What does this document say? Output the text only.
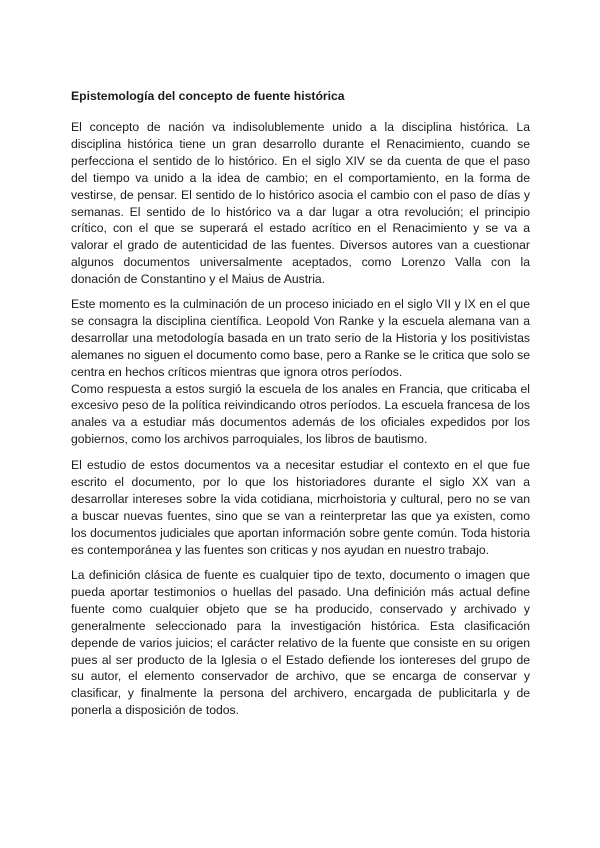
Epistemología del concepto de fuente histórica

El concepto de nación va indisolublemente unido a la disciplina histórica. La disciplina histórica tiene un gran desarrollo durante el Renacimiento, cuando se perfecciona el sentido de lo histórico. En el siglo XIV se da cuenta de que el paso del tiempo va unido a la idea de cambio; en el comportamiento, en la forma de vestirse, de pensar. El sentido de lo histórico asocia el cambio con el paso de días y semanas. El sentido de lo histórico va a dar lugar a otra revolución; el principio crítico, con el que se superará el estado acrítico en el Renacimiento y se va a valorar el grado de autenticidad de las fuentes. Diversos autores van a cuestionar algunos documentos universalmente aceptados, como Lorenzo Valla con la donación de Constantino y el Maius de Austria.

Este momento es la culminación de un proceso iniciado en el siglo VII y IX en el que se consagra la disciplina científica. Leopold Von Ranke y la escuela alemana van a desarrollar una metodología basada en un trato serio de la Historia y los positivistas alemanes no siguen el documento como base, pero a Ranke se le critica que solo se centra en hechos críticos mientras que ignora otros períodos.
Como respuesta a estos surgió la escuela de los anales en Francia, que criticaba el excesivo peso de la política reivindicando otros períodos. La escuela francesa de los anales va a estudiar más documentos además de los oficiales expedidos por los gobiernos, como los archivos parroquiales, los libros de bautismo.

El estudio de estos documentos va a necesitar estudiar el contexto en el que fue escrito el documento, por lo que los historiadores durante el siglo XX van a desarrollar intereses sobre la vida cotidiana, micrhoistoria y cultural, pero no se van a buscar nuevas fuentes, sino que se van a reinterpretar las que ya existen, como los documentos judiciales que aportan información sobre gente común. Toda historia es contemporánea y las fuentes son criticas y nos ayudan en nuestro trabajo.

La definición clásica de fuente es cualquier tipo de texto, documento o imagen que pueda aportar testimonios o huellas del pasado. Una definición más actual define fuente como cualquier objeto que se ha producido, conservado y archivado y generalmente seleccionado para la investigación histórica. Esta clasificación depende de varios juicios; el carácter relativo de la fuente que consiste en su origen pues al ser producto de la Iglesia o el Estado defiende los iontereses del grupo de su autor, el elemento conservador de archivo, que se encarga de conservar y clasificar, y finalmente la persona del archivero, encargada de publicitarla y de ponerla a disposición de todos.
